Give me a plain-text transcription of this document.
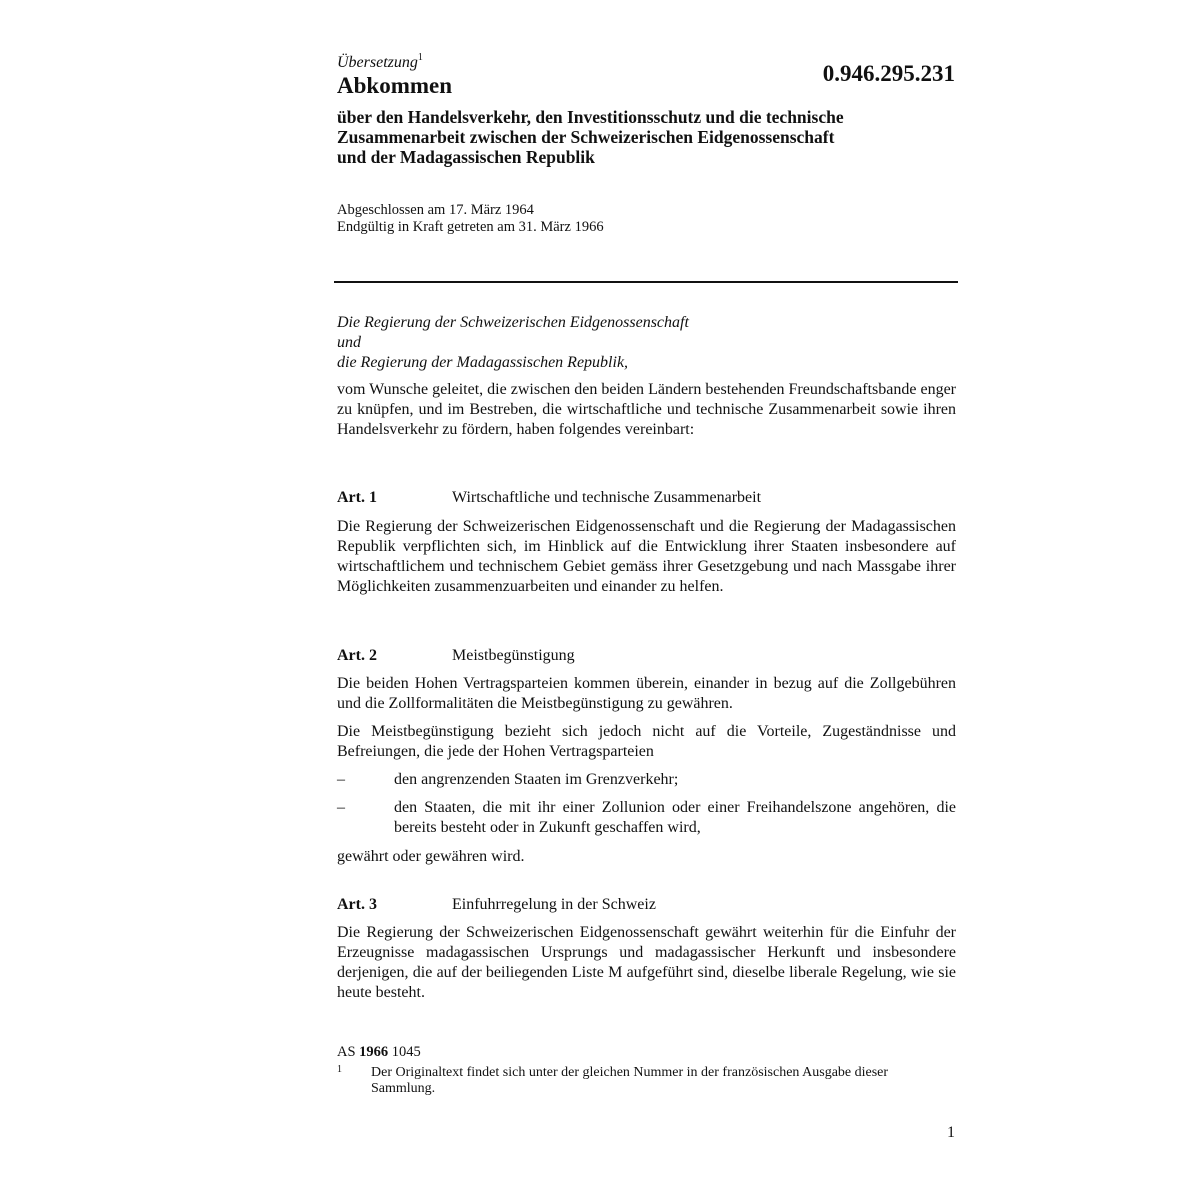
Übersetzung$^1$
Abkommen	0.946.295.231
über den Handelsverkehr, den Investitionsschutz und die technische
Zusammenarbeit zwischen der Schweizerischen Eidgenossenschaft
und der Madagassischen Republik
Abgeschlossen am 17. März 1964
Endgültig in Kraft getreten am 31. März 1966
Die Regierung der Schweizerischen Eidgenossenschaft
und
die Regierung der Madagassischen Republik,
vom Wunsche geleitet, die zwischen den beiden Ländern bestehenden Freundschaftsbande enger zu knüpfen, und im Bestreben, die wirtschaftliche und technische Zusammenarbeit sowie ihren Handelsverkehr zu fördern, haben folgendes vereinbart:
Art. 1	Wirtschaftliche und technische Zusammenarbeit
Die Regierung der Schweizerischen Eidgenossenschaft und die Regierung der Madagassischen Republik verpflichten sich, im Hinblick auf die Entwicklung ihrer Staaten insbesondere auf wirtschaftlichem und technischem Gebiet gemäss ihrer Gesetzgebung und nach Massgabe ihrer Möglichkeiten zusammenzuarbeiten und einander zu helfen.
Art. 2	Meistbegünstigung
Die beiden Hohen Vertragsparteien kommen überein, einander in bezug auf die Zollgebühren und die Zollformalitäten die Meistbegünstigung zu gewähren.
Die Meistbegünstigung bezieht sich jedoch nicht auf die Vorteile, Zugeständnisse und Befreiungen, die jede der Hohen Vertragsparteien
–	den angrenzenden Staaten im Grenzverkehr;
–	den Staaten, die mit ihr einer Zollunion oder einer Freihandelszone angehören, die bereits besteht oder in Zukunft geschaffen wird,
gewährt oder gewähren wird.
Art. 3	Einfuhrregelung in der Schweiz
Die Regierung der Schweizerischen Eidgenossenschaft gewährt weiterhin für die Einfuhr der Erzeugnisse madagassischen Ursprungs und madagassischer Herkunft und insbesondere derjenigen, die auf der beiliegenden Liste M aufgeführt sind, dieselbe liberale Regelung, wie sie heute besteht.
AS 1966 1045
1 Der Originaltext findet sich unter der gleichen Nummer in der französischen Ausgabe dieser Sammlung.
1
